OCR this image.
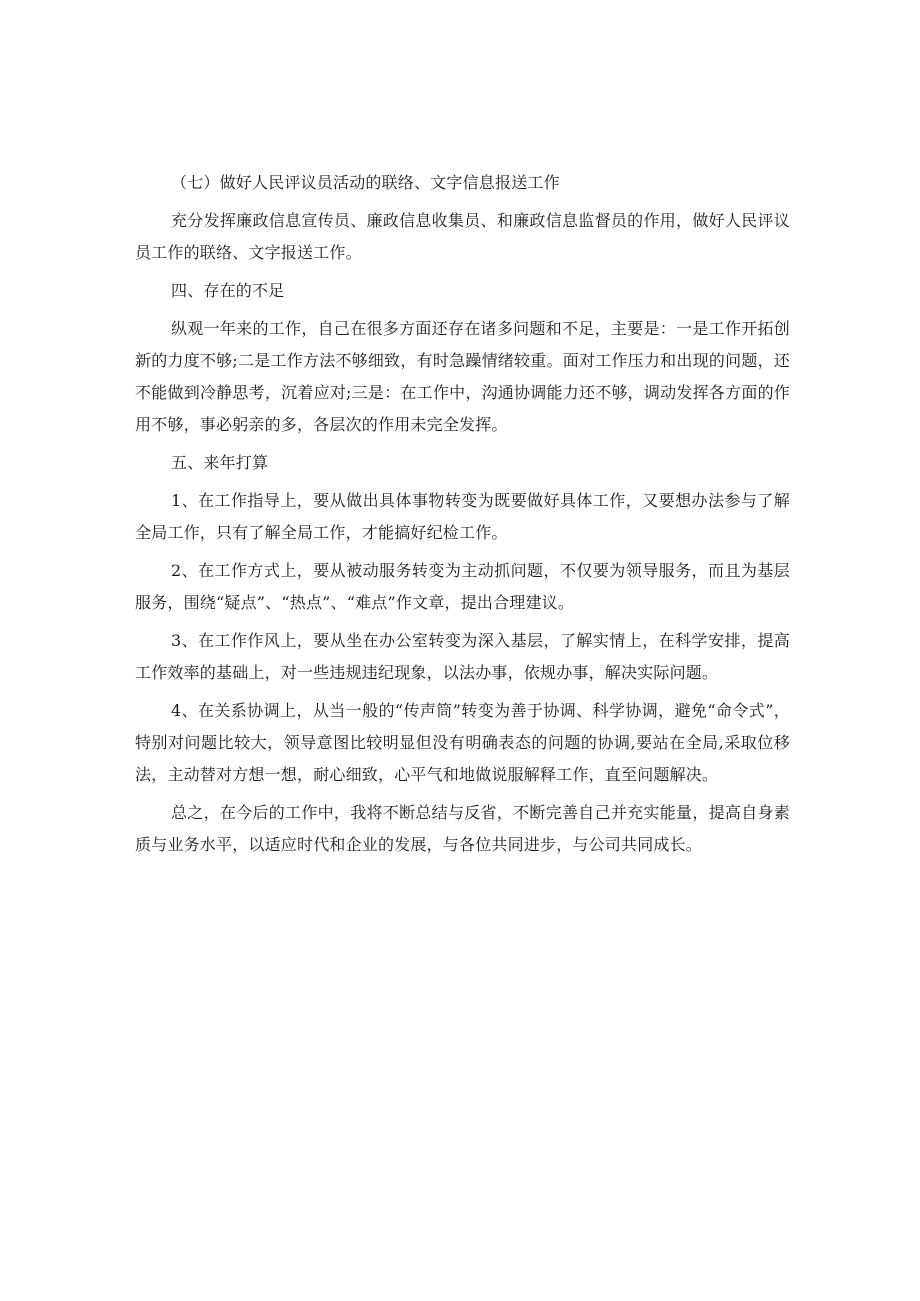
（七）做好人民评议员活动的联络、文字信息报送工作

充分发挥廉政信息宣传员、廉政信息收集员、和廉政信息监督员的作用，做好人民评议员工作的联络、文字报送工作。

四、存在的不足

纵观一年来的工作，自己在很多方面还存在诸多问题和不足，主要是：一是工作开拓创新的力度不够;二是工作方法不够细致，有时急躁情绪较重。面对工作压力和出现的问题，还不能做到冷静思考，沉着应对;三是：在工作中，沟通协调能力还不够，调动发挥各方面的作用不够，事必躬亲的多，各层次的作用未完全发挥。

五、来年打算

1、在工作指导上，要从做出具体事物转变为既要做好具体工作，又要想办法参与了解全局工作，只有了解全局工作，才能搞好纪检工作。

2、在工作方式上，要从被动服务转变为主动抓问题，不仅要为领导服务，而且为基层服务，围绕“疑点”、“热点”、“难点”作文章，提出合理建议。

3、在工作作风上，要从坐在办公室转变为深入基层，了解实情上，在科学安排，提高工作效率的基础上，对一些违规违纪现象，以法办事，依规办事，解决实际问题。

4、在关系协调上，从当一般的“传声筒”转变为善于协调、科学协调，避免“命令式”，特别对问题比较大，领导意图比较明显但没有明确表态的问题的协调,要站在全局,采取位移法，主动替对方想一想，耐心细致，心平气和地做说服解释工作，直至问题解决。

总之，在今后的工作中，我将不断总结与反省，不断完善自己并充实能量，提高自身素质与业务水平，以适应时代和企业的发展，与各位共同进步，与公司共同成长。
